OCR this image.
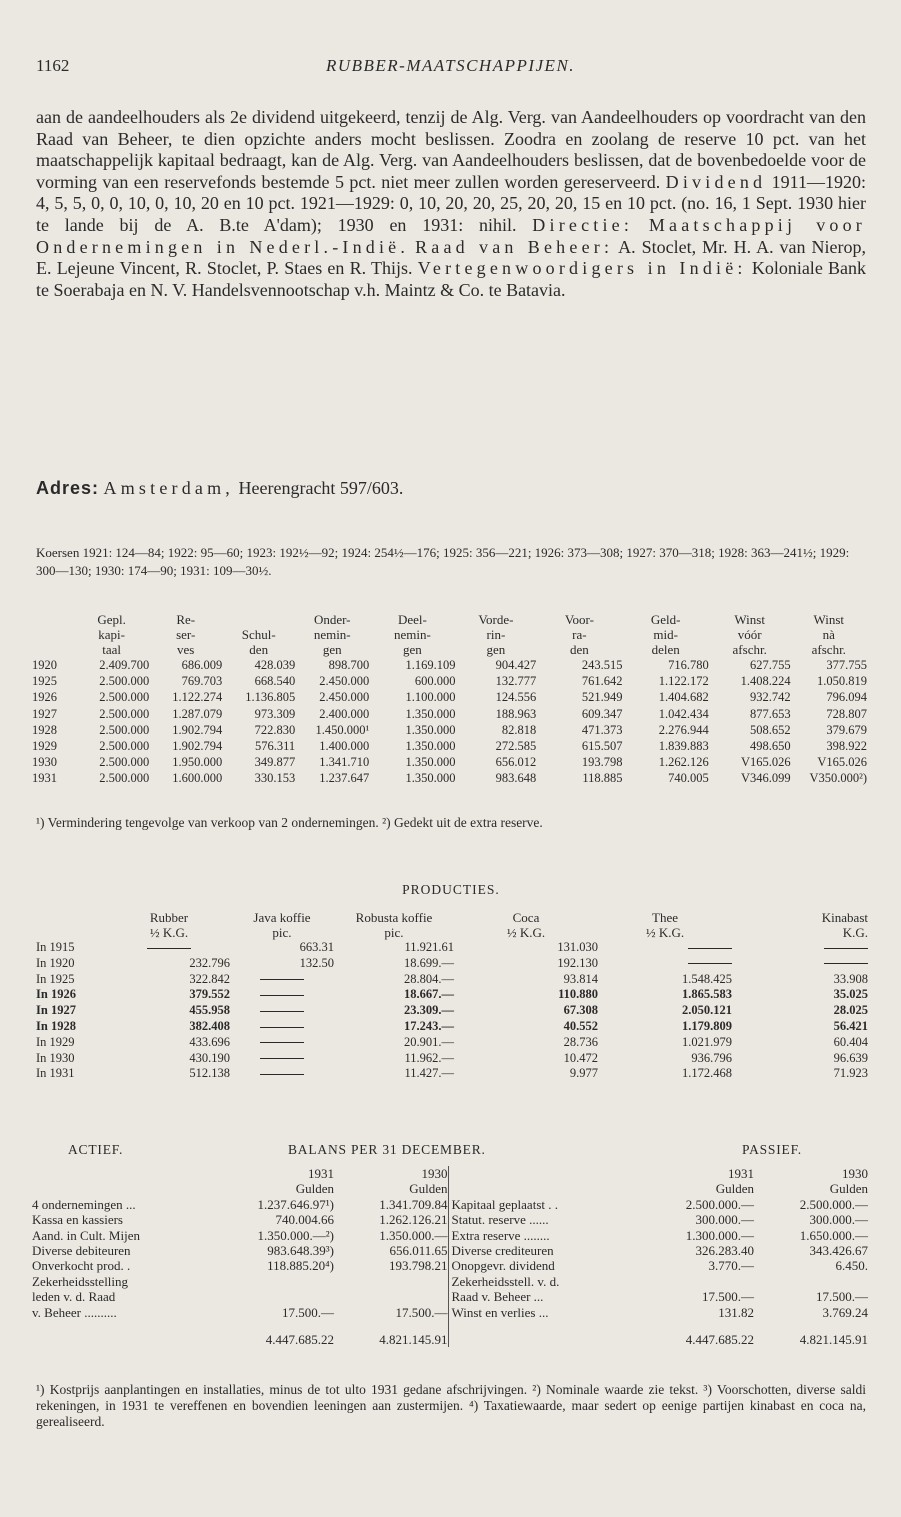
1162	RUBBER-MAATSCHAPPIJEN.

aan de aandeelhouders als 2e dividend uitgekeerd, tenzij de Alg. Verg. van Aandeelhouders op voordracht van den Raad van Beheer, te dien opzichte anders mocht beslissen. Zoodra en zoolang de reserve 10 pct. van het maatschappelijk kapitaal bedraagt, kan de Alg. Verg. van Aandeelhouders beslissen, dat de bovenbedoelde voor de vorming van een reservefonds bestemde 5 pct. niet meer zullen worden gereserveerd. Dividend 1911—1920: 4, 5, 5, 0, 0, 10, 0, 10, 20 en 10 pct. 1921—1929: 0, 10, 20, 20, 25, 20, 20, 15 en 10 pct. (no. 16, 1 Sept. 1930 hier te lande bij de A. B.te A'dam); 1930 en 1931: nihil. Directie: Maatschappij voor Ondernemingen in Nederl.-Indië. Raad van Beheer: A. Stoclet, Mr. H. A. van Nierop, E. Lejeune Vincent, R. Stoclet, P. Staes en R. Thijs. Vertegenwoordigers in Indië: Koloniale Bank te Soerabaja en N. V. Handelsvennootschap v.h. Maintz & Co. te Batavia.

Adres: Amsterdam, Heerengracht 597/603.
Koersen 1921: 124—84; 1922: 95—60; 1923: 192½—92; 1924: 254½—176; 1925: 356—221; 1926: 373—308; 1927: 370—318; 1928: 363—241½; 1929: 300—130; 1930: 174—90; 1931: 109—30½.
	Gepl.	Re-		Onder-	Deel-	Vorde-	Voor-	Geld-	Winst	Winst
	kapi-	ser-	Schul-	nemin-	nemin-	rin-	ra-	mid-	vóór	nà
	taal	ves	den	gen	gen	gen	den	delen	afschr.	afschr.
1920	2.409.700	686.009	428.039	898.700	1.169.109	904.427	243.515	716.780	627.755	377.755
1925	2.500.000	769.703	668.540	2.450.000	600.000	132.777	761.642	1.122.172	1.408.224	1.050.819
1926	2.500.000	1.122.274	1.136.805	2.450.000	1.100.000	124.556	521.949	1.404.682	932.742	796.094
1927	2.500.000	1.287.079	973.309	2.400.000	1.350.000	188.963	609.347	1.042.434	877.653	728.807
1928	2.500.000	1.902.794	722.830	1.450.000¹	1.350.000	82.818	471.373	2.276.944	508.652	379.679
1929	2.500.000	1.902.794	576.311	1.400.000	1.350.000	272.585	615.507	1.839.883	498.650	398.922
1930	2.500.000	1.950.000	349.877	1.341.710	1.350.000	656.012	193.798	1.262.126	V165.026	V165.026
1931	2.500.000	1.600.000	330.153	1.237.647	1.350.000	983.648	118.885	740.005	V346.099	V350.000²)
¹) Vermindering tengevolge van verkoop van 2 ondernemingen. ²) Gedekt uit de extra reserve.
PRODUCTIES.
	Rubber	Java koffie	Robusta koffie	Coca	Thee	Kinabast
	½ K.G.	pic.	pic.	½ K.G.	½ K.G.	K.G.
In 1915		663.31	11.921.61	131.030		
In 1920	232.796	132.50	18.699.—	192.130		
In 1925	322.842		28.804.—	93.814	1.548.425	33.908
In 1926	379.552		18.667.—	110.880	1.865.583	35.025
In 1927	455.958		23.309.—	67.308	2.050.121	28.025
In 1928	382.408		17.243.—	40.552	1.179.809	56.421
In 1929	433.696		20.901.—	28.736	1.021.979	60.404
In 1930	430.190		11.962.—	10.472	936.796	96.639
In 1931	512.138		11.427.—	9.977	1.172.468	71.923
ACTIEF.	BALANS PER 31 DECEMBER.	PASSIEF.
	1931	1930		1931	1930
	Gulden	Gulden		Gulden	Gulden
4 ondernemingen ...	1.237.646.97¹)	1.341.709.84	Kapitaal geplaatst . .	2.500.000.—	2.500.000.—
Kassa en kassiers	740.004.66	1.262.126.21	Statut. reserve ......	300.000.—	300.000.—
Aand. in Cult. Mijen	1.350.000.—²)	1.350.000.—	Extra reserve ........	1.300.000.—	1.650.000.—
Diverse debiteuren	983.648.39³)	656.011.65	Diverse crediteuren	326.283.40	343.426.67
Onverkocht prod. .	118.885.20⁴)	193.798.21	Onopgevr. dividend	3.770.—	6.450.
Zekerheidsstelling			Zekerheidsstell. v. d.		
leden v. d. Raad			Raad v. Beheer ...	17.500.—	17.500.—
v. Beheer ..........	17.500.—	17.500.—	Winst en verlies ...	131.82	3.769.24
	4.447.685.22	4.821.145.91		4.447.685.22	4.821.145.91
¹) Kostprijs aanplantingen en installaties, minus de tot ulto 1931 gedane afschrijvingen. ²) Nominale waarde zie tekst. ³) Voorschotten, diverse saldi rekeningen, in 1931 te vereffenen en bovendien leeningen aan zustermijen. ⁴) Taxatiewaarde, maar sedert op eenige partijen kinabast en coca na, gerealiseerd.
